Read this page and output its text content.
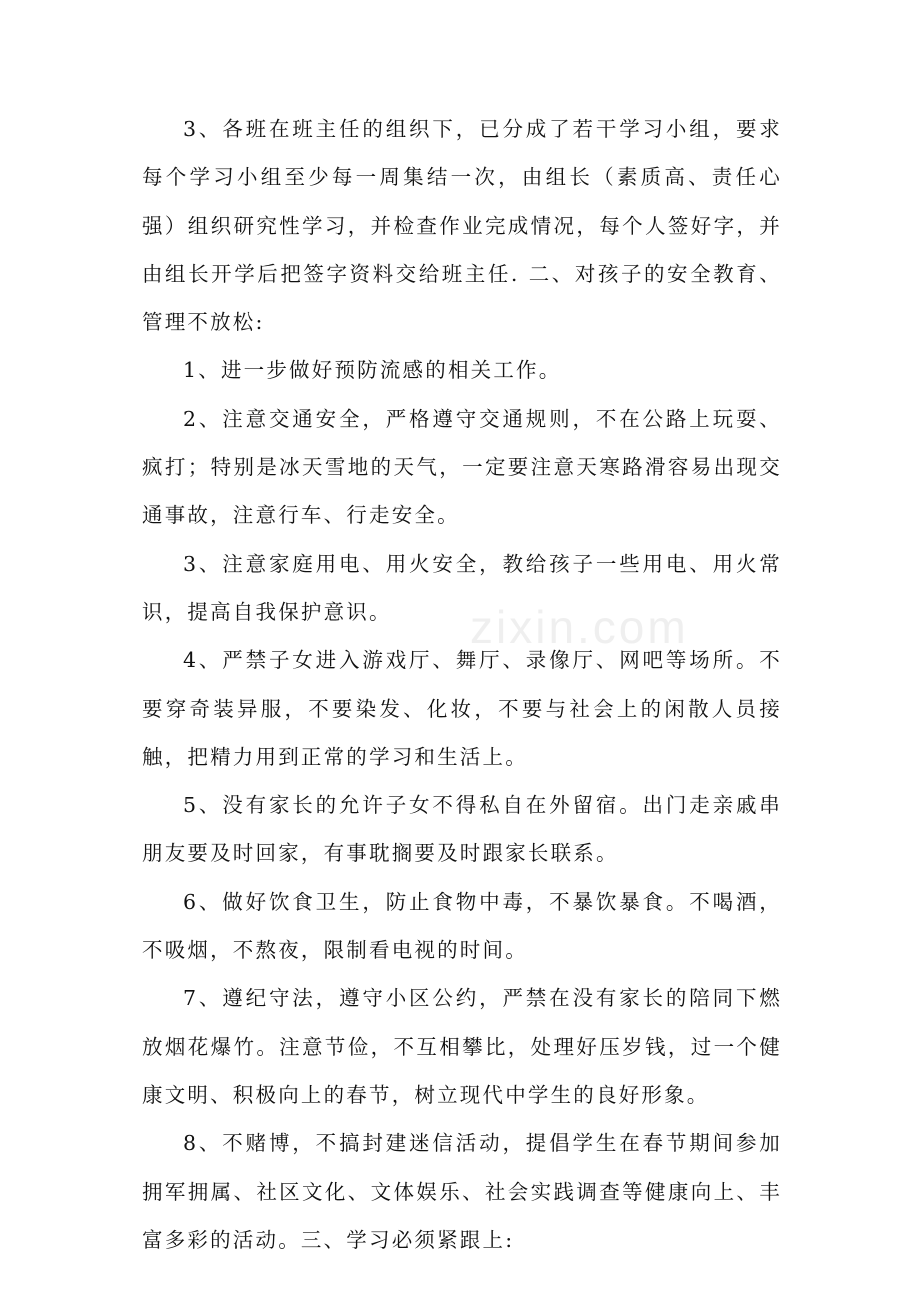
3、各班在班主任的组织下，已分成了若干学习小组，要求每个学习小组至少每一周集结一次，由组长（素质高、责任心强）组织研究性学习，并检查作业完成情况，每个人签好字，并由组长开学后把签字资料交给班主任. 二、对孩子的安全教育、管理不放松:

1、进一步做好预防流感的相关工作。

2、注意交通安全，严格遵守交通规则，不在公路上玩耍、疯打；特别是冰天雪地的天气，一定要注意天寒路滑容易出现交通事故，注意行车、行走安全。

3、注意家庭用电、用火安全，教给孩子一些用电、用火常识，提高自我保护意识。

4、严禁子女进入游戏厅、舞厅、录像厅、网吧等场所。不要穿奇装异服，不要染发、化妆，不要与社会上的闲散人员接触，把精力用到正常的学习和生活上。

5、没有家长的允许子女不得私自在外留宿。出门走亲戚串朋友要及时回家，有事耽搁要及时跟家长联系。

6、做好饮食卫生，防止食物中毒，不暴饮暴食。不喝酒，不吸烟，不熬夜，限制看电视的时间。

7、遵纪守法，遵守小区公约，严禁在没有家长的陪同下燃放烟花爆竹。注意节俭，不互相攀比，处理好压岁钱，过一个健康文明、积极向上的春节，树立现代中学生的良好形象。

8、不赌博，不搞封建迷信活动，提倡学生在春节期间参加拥军拥属、社区文化、文体娱乐、社会实践调查等健康向上、丰富多彩的活动。三、学习必须紧跟上:

zixin.com
